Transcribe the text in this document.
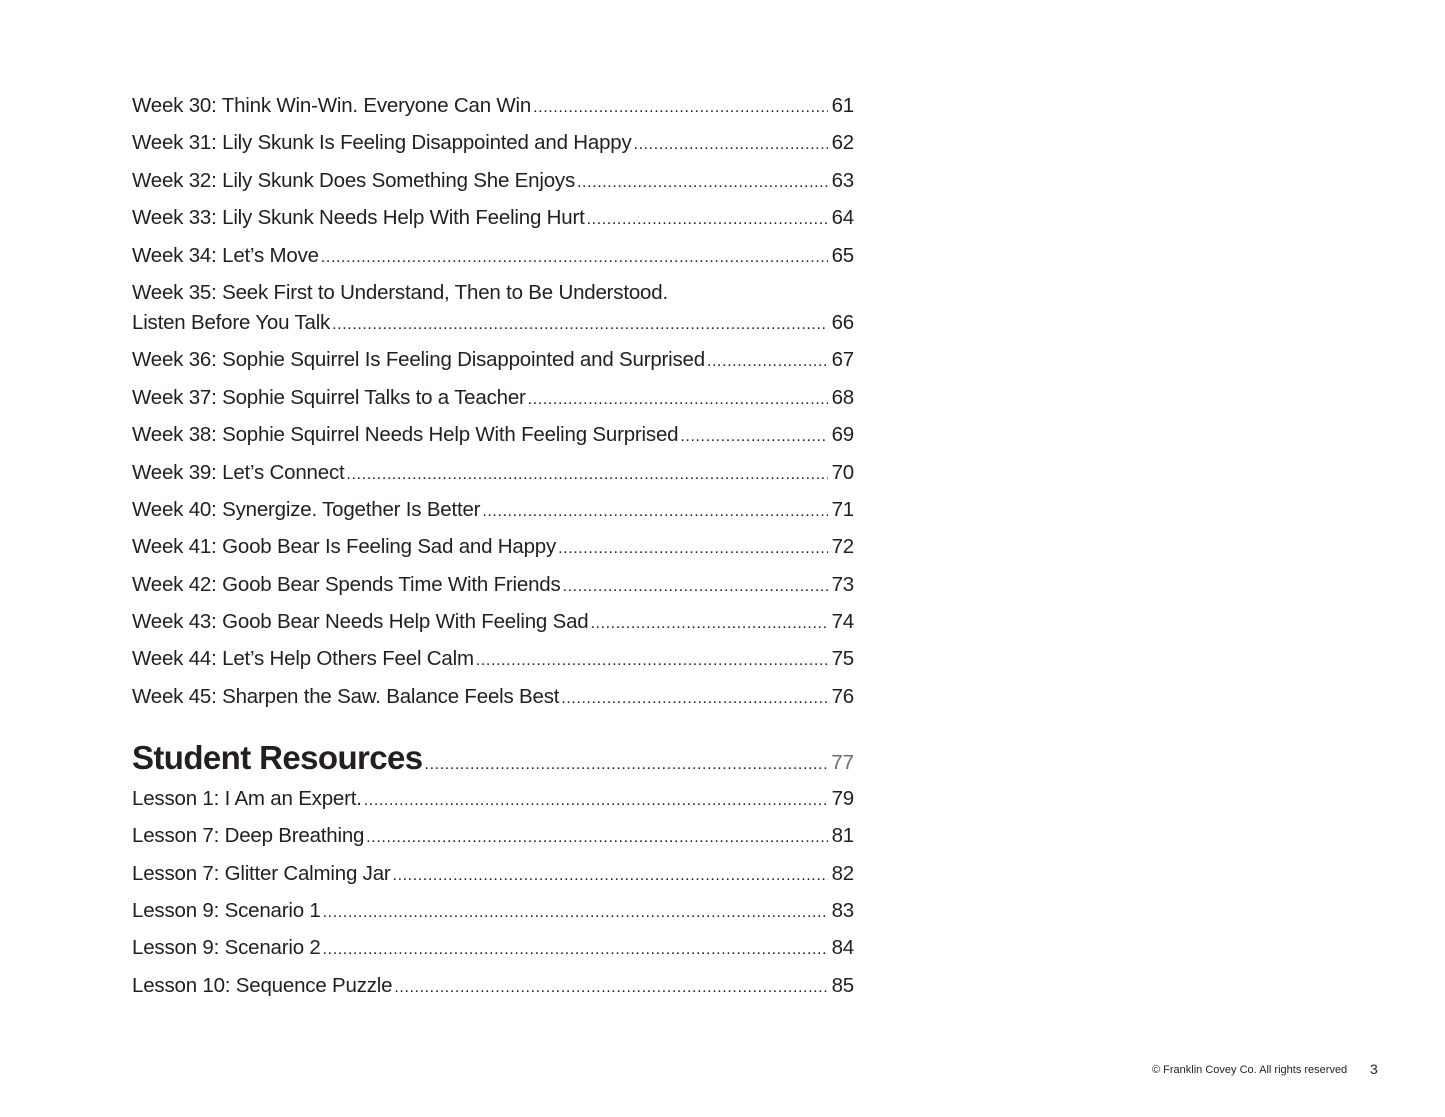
Week 30: Think Win-Win. Everyone Can Win .....	61
Week 31: Lily Skunk Is Feeling Disappointed and Happy .....	62
Week 32: Lily Skunk Does Something She Enjoys .....	63
Week 33: Lily Skunk Needs Help With Feeling Hurt .....	64
Week 34: Let’s Move .....	65
Week 35: Seek First to Understand, Then to Be Understood.
Listen Before You Talk .....	66
Week 36: Sophie Squirrel Is Feeling Disappointed and Surprised .....	67
Week 37: Sophie Squirrel Talks to a Teacher .....	68
Week 38: Sophie Squirrel Needs Help With Feeling Surprised .....	69
Week 39: Let’s Connect .....	70
Week 40: Synergize. Together Is Better .....	71
Week 41: Goob Bear Is Feeling Sad and Happy .....	72
Week 42: Goob Bear Spends Time With Friends .....	73
Week 43: Goob Bear Needs Help With Feeling Sad .....	74
Week 44: Let’s Help Others Feel Calm .....	75
Week 45: Sharpen the Saw. Balance Feels Best .....	76
Student Resources .....	77
Lesson 1: I Am an Expert. .....	79
Lesson 7: Deep Breathing .....	81
Lesson 7: Glitter Calming Jar .....	82
Lesson 9: Scenario 1 .....	83
Lesson 9: Scenario 2 .....	84
Lesson 10: Sequence Puzzle .....	85
© Franklin Covey Co. All rights reserved 3
